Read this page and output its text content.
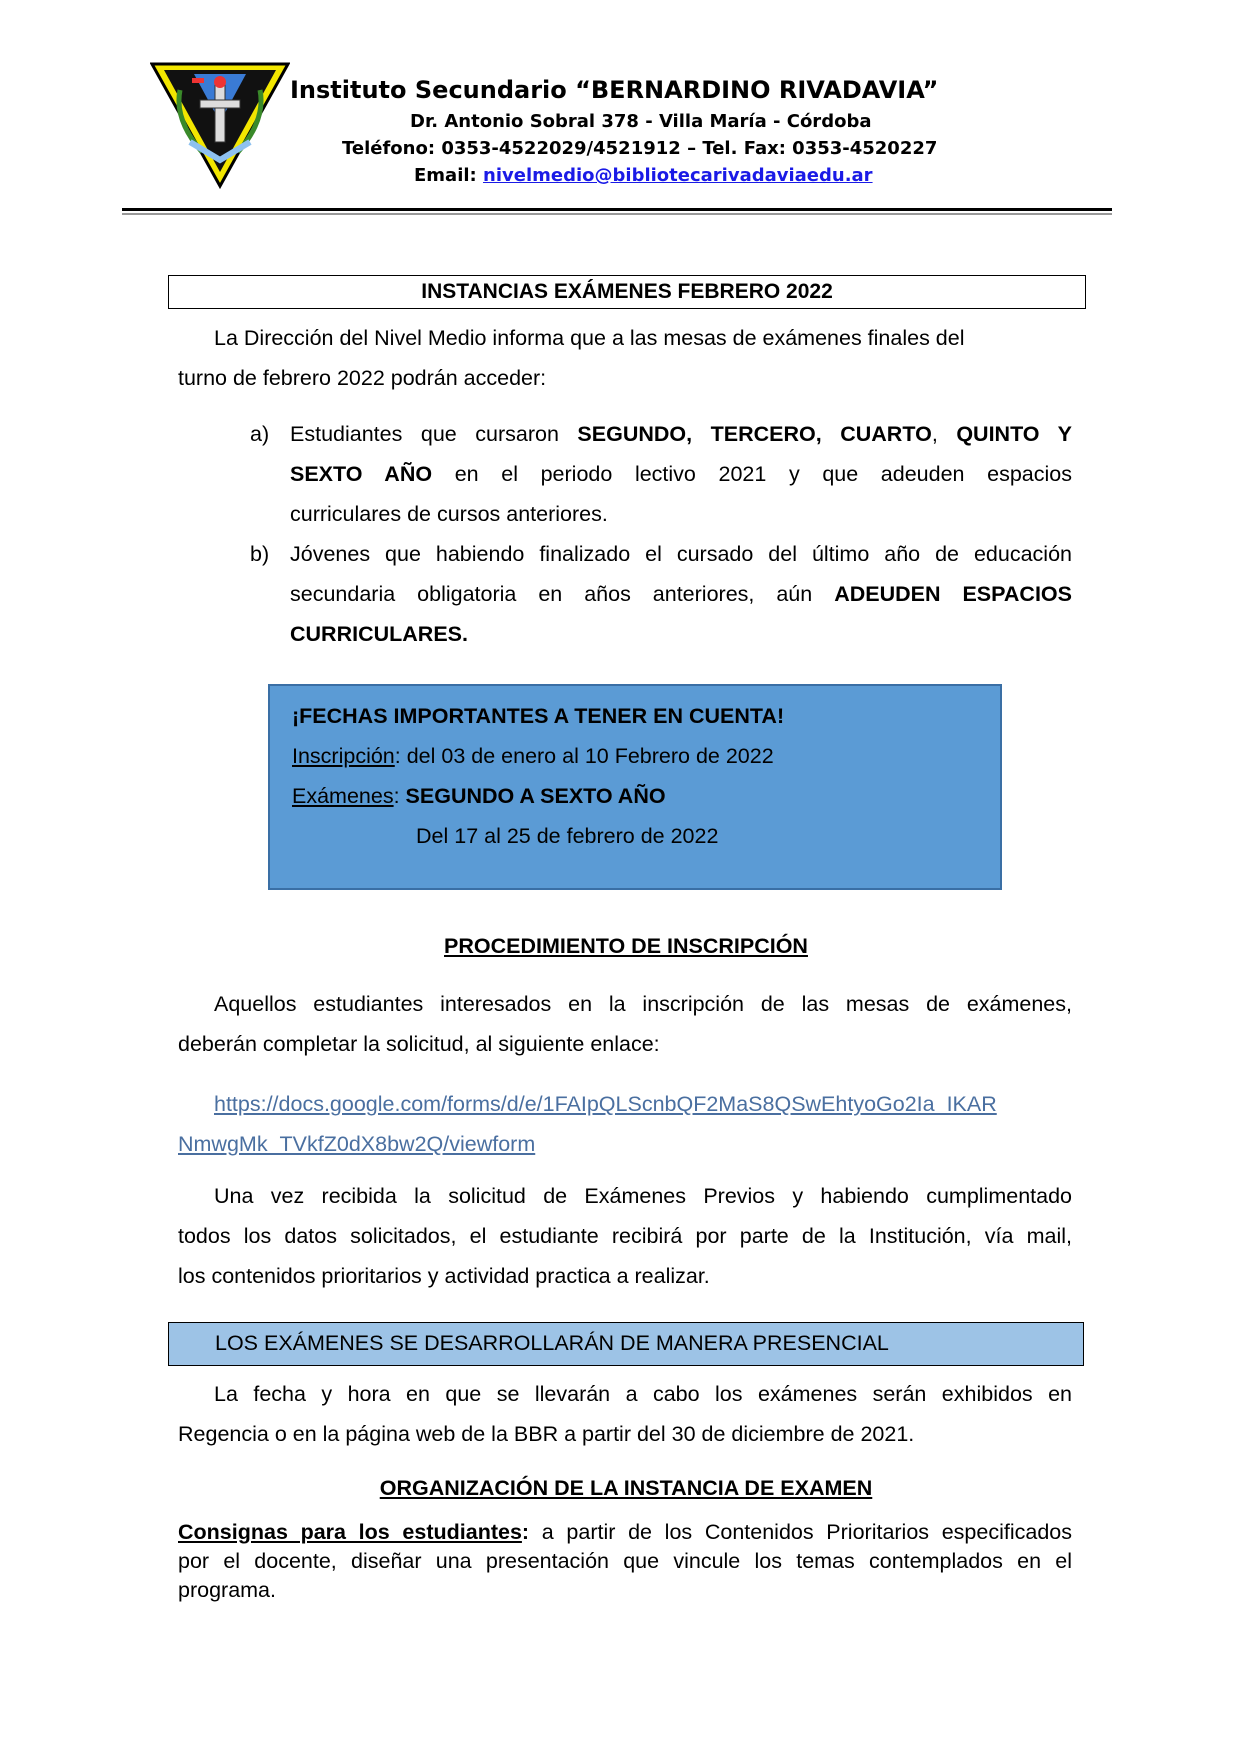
Instituto Secundario “BERNARDINO RIVADAVIA”
Dr. Antonio Sobral 378 - Villa María - Córdoba
Teléfono: 0353-4522029/4521912 – Tel. Fax: 0353-4520227
Email: nivelmedio@bibliotecarivadaviaedu.ar
INSTANCIAS EXÁMENES FEBRERO 2022
La Dirección del Nivel Medio informa que a las mesas de exámenes finales del
turno de febrero 2022 podrán acceder:
a) Estudiantes que cursaron SEGUNDO, TERCERO, CUARTO, QUINTO Y
SEXTO AÑO en el periodo lectivo 2021 y que adeuden espacios
curriculares de cursos anteriores.
b) Jóvenes que habiendo finalizado el cursado del último año de educación
secundaria obligatoria en años anteriores, aún ADEUDEN ESPACIOS
CURRICULARES.
¡FECHAS IMPORTANTES A TENER EN CUENTA!
Inscripción: del 03 de enero al 10 Febrero de 2022
Exámenes: SEGUNDO A SEXTO AÑO
Del 17 al 25 de febrero de 2022
PROCEDIMIENTO DE INSCRIPCIÓN
Aquellos estudiantes interesados en la inscripción de las mesas de exámenes,
deberán completar la solicitud, al siguiente enlace:
https://docs.google.com/forms/d/e/1FAIpQLScnbQF2MaS8QSwEhtyoGo2Ia_IKAR
NmwgMk_TVkfZ0dX8bw2Q/viewform
Una vez recibida la solicitud de Exámenes Previos y habiendo cumplimentado
todos los datos solicitados, el estudiante recibirá por parte de la Institución, vía mail,
los contenidos prioritarios y actividad practica a realizar.
LOS EXÁMENES SE DESARROLLARÁN DE MANERA PRESENCIAL
La fecha y hora en que se llevarán a cabo los exámenes serán exhibidos en
Regencia o en la página web de la BBR a partir del 30 de diciembre de 2021.
ORGANIZACIÓN DE LA INSTANCIA DE EXAMEN
Consignas para los estudiantes: a partir de los Contenidos Prioritarios especificados
por el docente, diseñar una presentación que vincule los temas contemplados en el
programa.
